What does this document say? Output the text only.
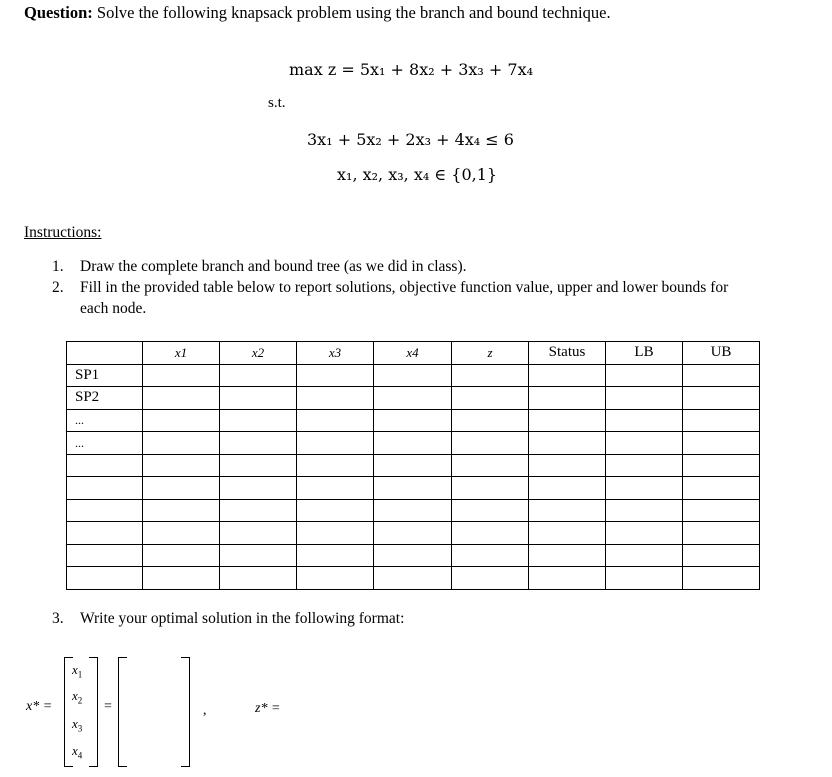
Question: Solve the following knapsack problem using the branch and bound technique.
max z = 5x₁ + 8x₂ + 3x₃ + 7x₄
s.t.
3x₁ + 5x₂ + 2x₃ + 4x₄ ≤ 6
x₁, x₂, x₃, x₄ ∈ {0,1}
Instructions:
1. Draw the complete branch and bound tree (as we did in class).
2. Fill in the provided table below to report solutions, objective function value, upper and lower bounds for
each node.
	x1	x2	x3	x4	z	Status	LB	UB
SP1								
SP2								
...								
...								

3. Write your optimal solution in the following format:
x* =
$x_1$
$x_2$
$x_3$
$x_4$
=	,	z* =
